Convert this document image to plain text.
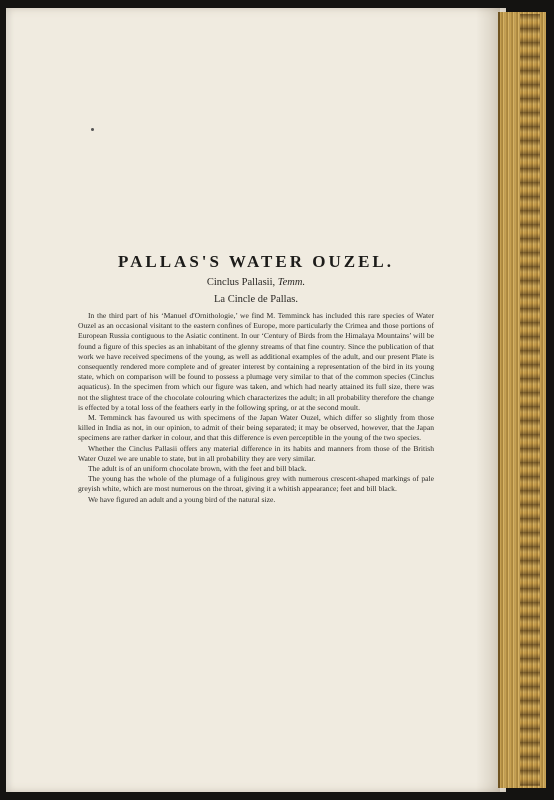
PALLAS'S WATER OUZEL.
Cinclus Pallasii, Temm.
La Cincle de Pallas.

In the third part of his ‘Manuel d'Ornithologie,’ we find M. Temminck has included this rare species of Water Ouzel as an occasional visitant to the eastern confines of Europe, more particularly the Crimea and those portions of European Russia contiguous to the Asiatic continent. In our ‘Century of Birds from the Himalaya Mountains’ will be found a figure of this species as an inhabitant of the glenny streams of that fine country. Since the publication of that work we have received specimens of the young, as well as additional examples of the adult, and our present Plate is consequently rendered more complete and of greater interest by containing a representation of the bird in its young state, which on comparison will be found to possess a plumage very similar to that of the common species (Cinclus aquaticus). In the specimen from which our figure was taken, and which had nearly attained its full size, there was not the slightest trace of the chocolate colouring which characterizes the adult; in all probability therefore the change is effected by a total loss of the feathers early in the following spring, or at the second moult.

M. Temminck has favoured us with specimens of the Japan Water Ouzel, which differ so slightly from those killed in India as not, in our opinion, to admit of their being separated; it may be observed, however, that the Japan specimens are rather darker in colour, and that this difference is even perceptible in the young of the two species.

Whether the Cinclus Pallasii offers any material difference in its habits and manners from those of the British Water Ouzel we are unable to state, but in all probability they are very similar.

The adult is of an uniform chocolate brown, with the feet and bill black.

The young has the whole of the plumage of a fuliginous grey with numerous crescent-shaped markings of pale greyish white, which are most numerous on the throat, giving it a whitish appearance; feet and bill black.

We have figured an adult and a young bird of the natural size.
